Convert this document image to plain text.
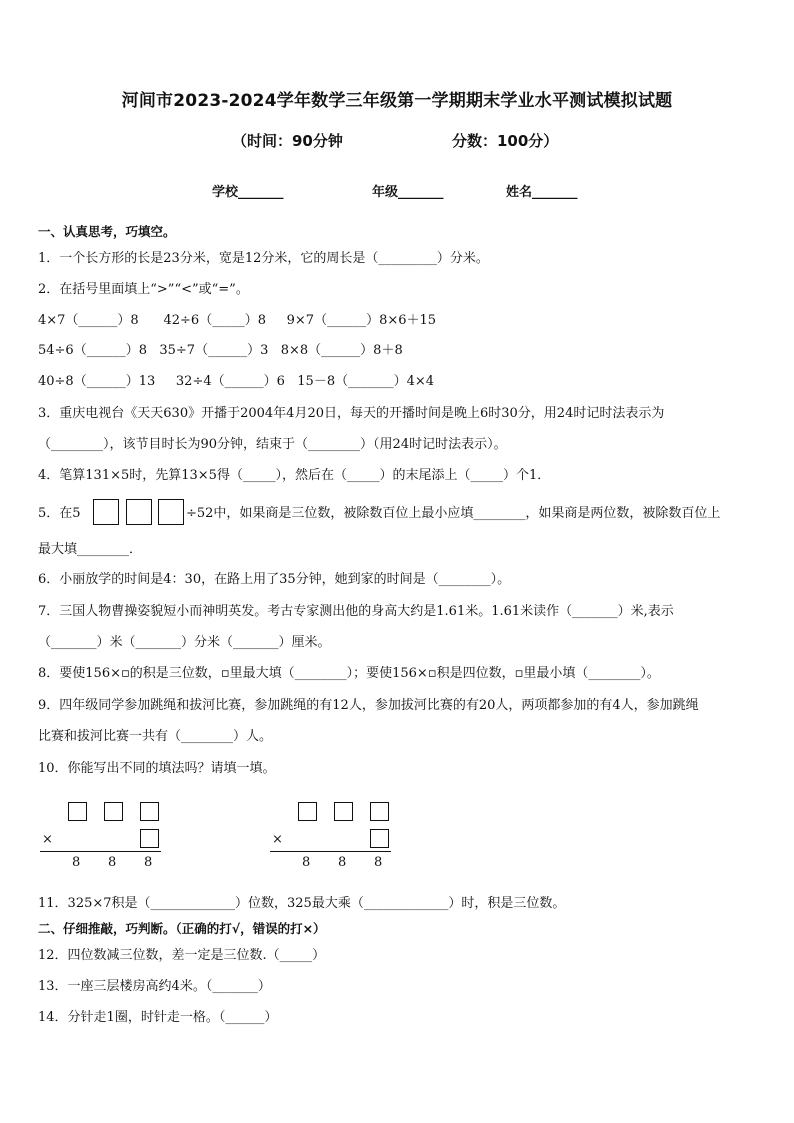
河间市2023-2024学年数学三年级第一学期期末学业水平测试模拟试题
（时间：90分钟	分数：100分）
学校_______	年级_______	姓名_______
一、认真思考，巧填空。
1．一个长方形的长是23分米，宽是12分米，它的周长是（_________）分米。
2．在括号里面填上“>”“<”或“=”。
4×7（______）8      42÷6（_____）8     9×7（______）8×6＋15
54÷6（______）8   35÷7（______）3   8×8（______）8＋8
40÷8（______）13     32÷4（______）6   15－8（_______）4×4
3．重庆电视台《天天630》开播于2004年4月20日，每天的开播时间是晚上6时30分，用24时记时法表示为
（________），该节目时长为90分钟，结束于（________）（用24时记时法表示）。
4．笔算131×5时，先算13×5得（_____），然后在（_____）的末尾添上（_____）个1．
5．在5	÷52中，如果商是三位数，被除数百位上最小应填________，如果商是两位数，被除数百位上
最大填________．
6．小丽放学的时间是4：30，在路上用了35分钟，她到家的时间是（________）。
7．三国人物曹操姿貌短小而神明英发。考古专家测出他的身高大约是1.61米。1.61米读作（_______）米,表示
（_______）米（_______）分米（_______）厘米。
8．要使156×▫的积是三位数，▫里最大填（________）；要使156×▫积是四位数，▫里最小填（________）。
9．四年级同学参加跳绳和拔河比赛，参加跳绳的有12人，参加拔河比赛的有20人，两项都参加的有4人，参加跳绳
比赛和拔河比赛一共有（________）人。
10．你能写出不同的填法吗？请填一填。
×
8 8 8
×
8 8 8
11．325×7积是（_____________）位数，325最大乘（_____________）时，积是三位数。
二、仔细推敲，巧判断。（正确的打√，错误的打×）
12．四位数减三位数，差一定是三位数.（_____）
13．一座三层楼房高约4米。（_______）
14．分针走1圈，时针走一格。（______）
